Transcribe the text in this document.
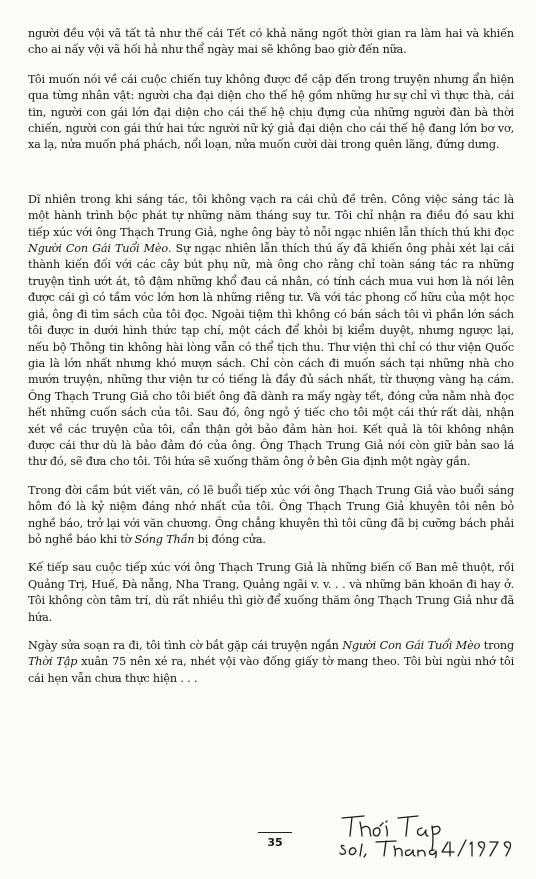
người đều vội vã tất tả như thế cái Tết có khả năng ngốt thời gian ra làm hai và khiến cho ai nấy vội vã hối hả như thể ngày mai sẽ không bao giờ đến nữa.

Tôi muốn nói về cái cuộc chiến tuy không được đề cập đến trong truyện nhưng ẩn hiện qua từng nhân vật: người cha đại diện cho thế hệ gồm những hư sự chỉ vì thực thà, cái tin, người con gái lớn đại diện cho cái thế hệ chịu đựng của những người đàn bà thời chiến, người con gái thứ hai tức người nữ ký giả đại diện cho cái thế hệ đang lớn bơ vơ, xa lạ, nửa muốn phá phách, nổi loạn, nửa muốn cười dài trong quên lãng, đứng dưng.

Dĩ nhiên trong khi sáng tác, tôi không vạch ra cái chủ đề trên. Công việc sáng tác là một hành trình bộc phát tự những năm tháng suy tư. Tôi chỉ nhận ra điều đó sau khi tiếp xúc với ông Thạch Trung Giả, nghe ông bày tỏ nỗi ngạc nhiên lẫn thích thú khi đọc Người Con Gái Tuổi Mèo. Sự ngạc nhiên lẫn thích thú ấy đã khiến ông phải xét lại cái thành kiến đối với các cây bút phụ nữ, mà ông cho rằng chỉ toàn sáng tác ra những truyện tình ướt át, tô đậm những khổ đau cá nhân, có tính cách mua vui hơn là nói lên được cái gì có tầm vóc lớn hơn là những riêng tư. Và với tác phong cố hữu của một học giả, ông đi tìm sách của tôi đọc. Ngoài tiệm thì không có bán sách tôi vì phần lớn sách tôi được in dưới hình thức tạp chí, một cách để khỏi bị kiểm duyệt, nhưng ngược lại, nếu bộ Thông tin không hài lòng vẫn có thể tịch thu. Thư viện thì chỉ có thư viện Quốc gia là lớn nhất nhưng khó mượn sách. Chỉ còn cách đi muốn sách tại những nhà cho mướn truyện, những thư viện tư có tiếng là đầy đủ sách nhất, từ thượng vàng hạ cám. Ông Thạch Trung Giả cho tôi biết ông đã dành ra mấy ngày tết, đóng cửa nằm nhà đọc hết những cuốn sách của tôi. Sau đó, ông ngỏ ý tiếc cho tôi một cái thứ rất dài, nhận xét về các truyện của tôi, cẩn thận gởi bảo đảm hàn hoi. Kết quả là tôi không nhận được cái thư dù là bảo đảm đó của ông. Ông Thạch Trung Giả nói còn giữ bản sao lá thư đó, sẽ đưa cho tôi. Tôi hứa sẽ xuống thăm ông ở bên Gia định một ngày gần.

Trong đời cầm bút viết văn, có lẽ buổi tiếp xúc với ông Thạch Trung Giả vào buổi sáng hôm đó là kỷ niệm đáng nhớ nhất của tôi. Ông Thạch Trung Giả khuyên tôi nên bỏ nghề báo, trở lại với văn chương. Ông chẳng khuyên thì tôi cũng đã bị cưỡng bách phải bỏ nghề báo khi tờ Sóng Thần bị đóng cửa.

Kế tiếp sau cuộc tiếp xúc với ông Thạch Trung Giả là những biến cố Ban mê thuột, rồi Quảng Trị, Huế, Đà nẵng, Nha Trang, Quảng ngãi v. v. . . và những băn khoăn đi hay ở. Tôi không còn tâm trí, dù rất nhiều thì giờ để xuống thăm ông Thạch Trung Giả như đã hứa.

Ngày sửa soạn ra đi, tôi tình cờ bắt gặp cái truyện ngắn Người Con Gái Tuổi Mèo trong Thời Tập xuân 75 nên xé ra, nhét vội vào đống giấy tờ mang theo. Tôi bùi ngùi nhớ tôi cái hẹn vẫn chưa thực hiện . . .

35
